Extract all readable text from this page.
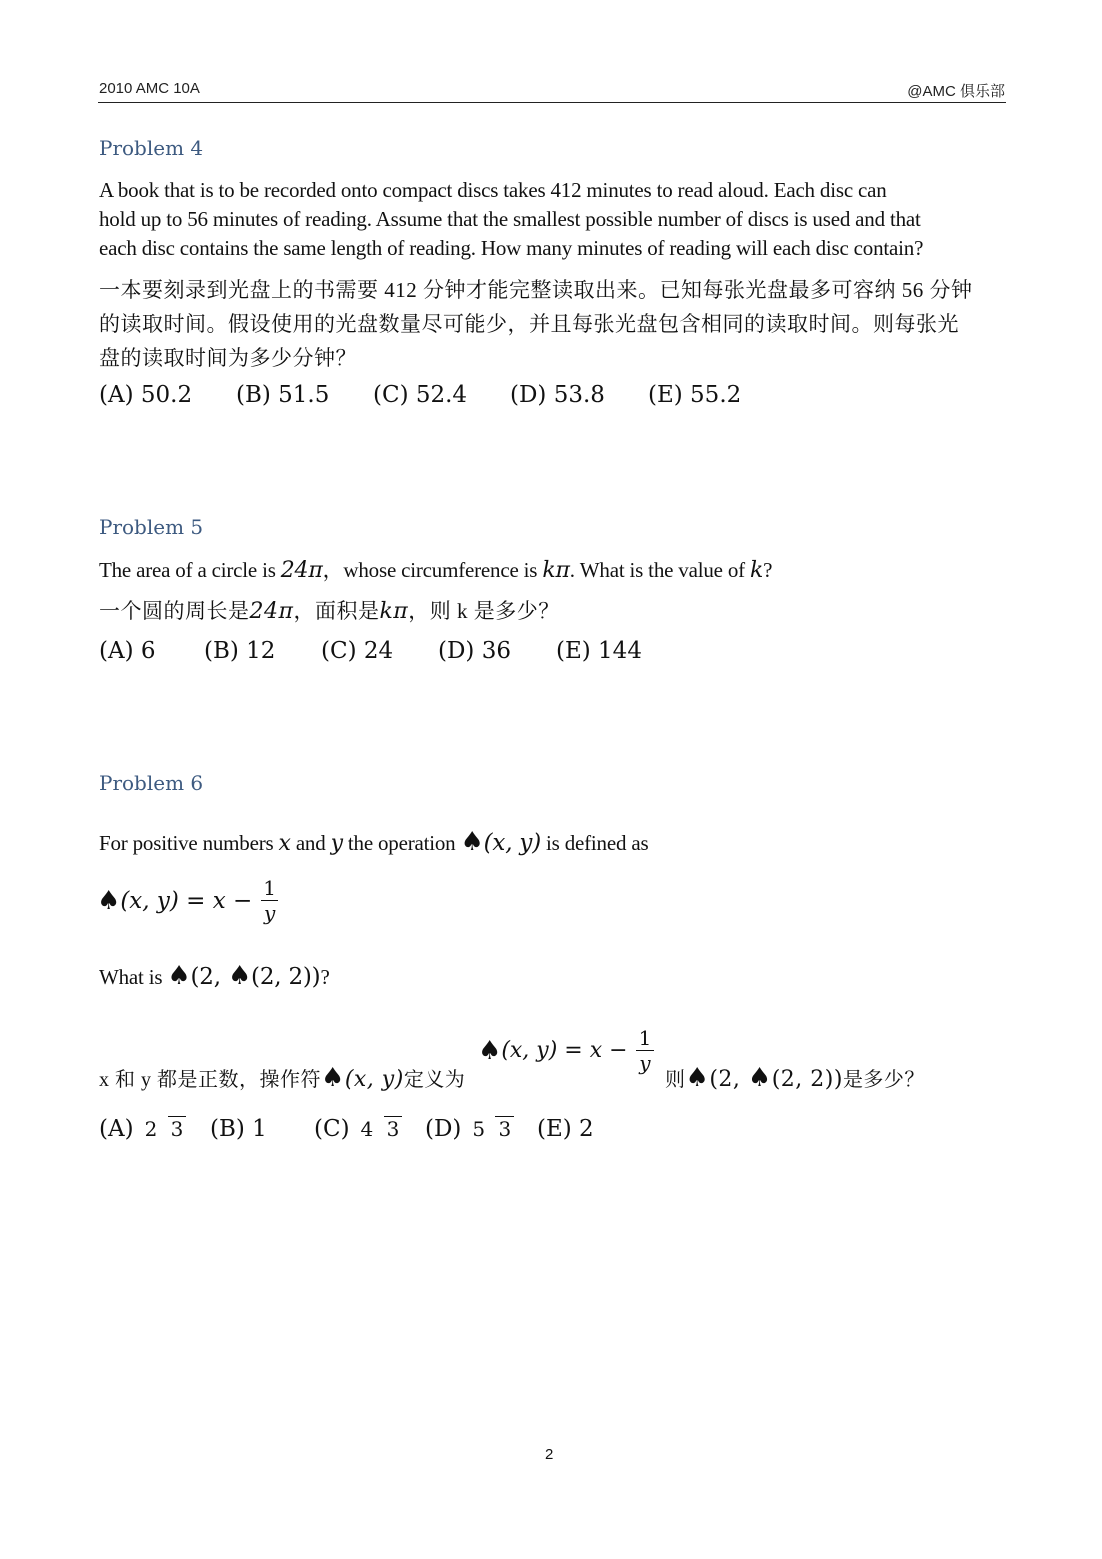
2010 AMC 10A	@AMC 俱乐部
Problem 4
A book that is to be recorded onto compact discs takes 412 minutes to read aloud. Each disc can
hold up to 56 minutes of reading. Assume that the smallest possible number of discs is used and that
each disc contains the same length of reading. How many minutes of reading will each disc contain?
一本要刻录到光盘上的书需要 412 分钟才能完整读取出来。已知每张光盘最多可容纳 56 分钟
的读取时间。假设使用的光盘数量尽可能少，并且每张光盘包含相同的读取时间。则每张光
盘的读取时间为多少分钟？
(A) 50.2	(B) 51.5	(C) 52.4	(D) 53.8	(E) 55.2
Problem 5
The area of a circle is 24π，whose circumference is kπ. What is the value of k?
一个圆的周长是24π，面积是kπ，则 k 是多少？
(A) 6	(B) 12	(C) 24	(D) 36	(E) 144
Problem 6
For positive numbers x and y the operation ♠(x, y) is defined as
♠ (x, $y) = x - \frac{1}{y}$
What is ♠(2, ♠(2, 2))?
x 和 y 都是正数，操作符♠(x, y)定义为
♠ (x, $y) = x - \frac{1}{y}$
则♠(2, ♠(2, 2))是多少？
(A) 2 3 (B) 1	(C) 4 3 (D) 5 3 (E) 2
2
